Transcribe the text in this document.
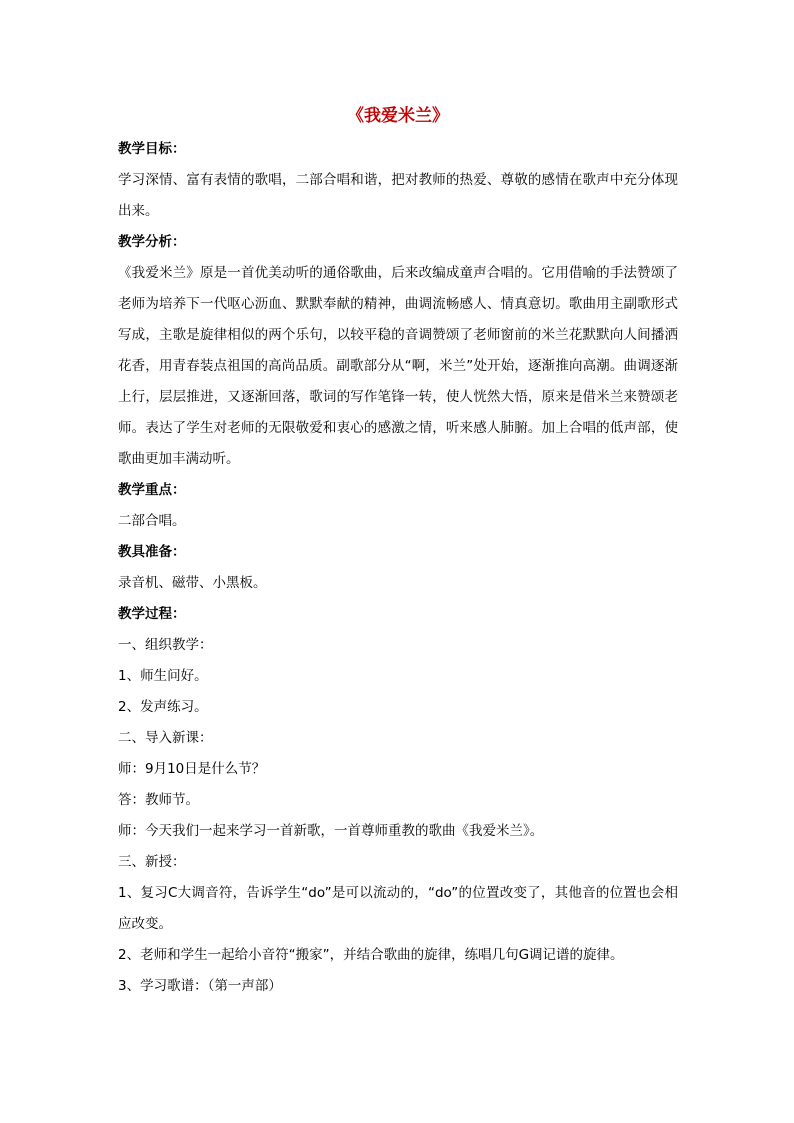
《我爱米兰》

教学目标：

学习深情、富有表情的歌唱，二部合唱和谐，把对教师的热爱、尊敬的感情在歌声中充分体现出来。

教学分析：

《我爱米兰》原是一首优美动听的通俗歌曲，后来改编成童声合唱的。它用借喻的手法赞颂了老师为培养下一代呕心沥血、默默奉献的精神，曲调流畅感人、情真意切。歌曲用主副歌形式写成，主歌是旋律相似的两个乐句，以较平稳的音调赞颂了老师窗前的米兰花默默向人间播洒花香，用青春装点祖国的高尚品质。副歌部分从“啊，米兰”处开始，逐渐推向高潮。曲调逐渐上行，层层推进，又逐渐回落，歌词的写作笔锋一转，使人恍然大悟，原来是借米兰来赞颂老师。表达了学生对老师的无限敬爱和衷心的感激之情，听来感人肺腑。加上合唱的低声部，使歌曲更加丰满动听。

教学重点：

二部合唱。

教具准备：

录音机、磁带、小黑板。

教学过程：

一、组织教学：

1、师生问好。

2、发声练习。

二、导入新课：

师：9月10日是什么节？

答：教师节。

师：今天我们一起来学习一首新歌，一首尊师重教的歌曲《我爱米兰》。

三、新授：

1、复习C大调音符，告诉学生“do”是可以流动的，“do”的位置改变了，其他音的位置也会相应改变。

2、老师和学生一起给小音符“搬家”，并结合歌曲的旋律，练唱几句G调记谱的旋律。

3、学习歌谱：（第一声部）
